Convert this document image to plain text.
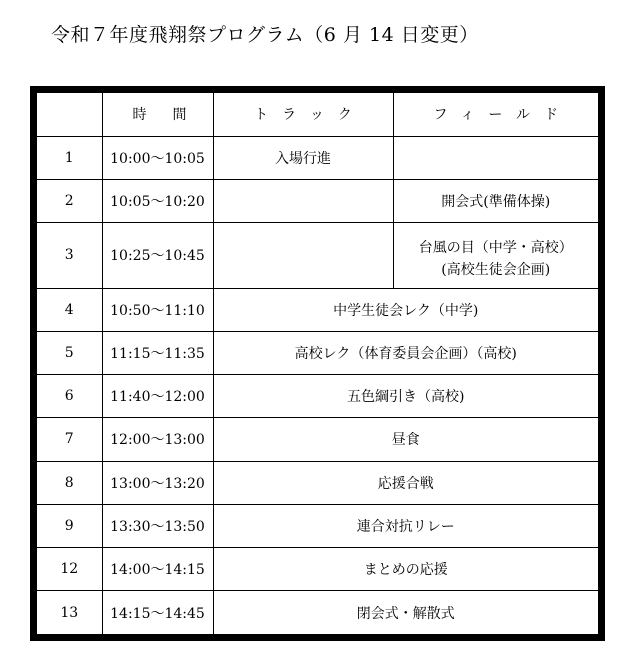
令和７年度飛翔祭プログラム（6 月 14 日変更）
	時間	トラック	フィールド
1	10:00～10:05	入場行進	
2	10:05～10:20		開会式(準備体操)
3	10:25～10:45		台風の目（中学・高校）
(高校生徒会企画)

4	10:50～11:10	中学生徒会レク（中学)	
5	11:15～11:35	高校レク（体育委員会企画）（高校)	
6	11:40～12:00	五色綱引き（高校)	
7	12:00～13:00	昼食	
8	13:00～13:20	応援合戦	
9	13:30～13:50	連合対抗リレー	
12	14:00～14:15	まとめの応援	
13	14:15～14:45	閉会式・解散式	
